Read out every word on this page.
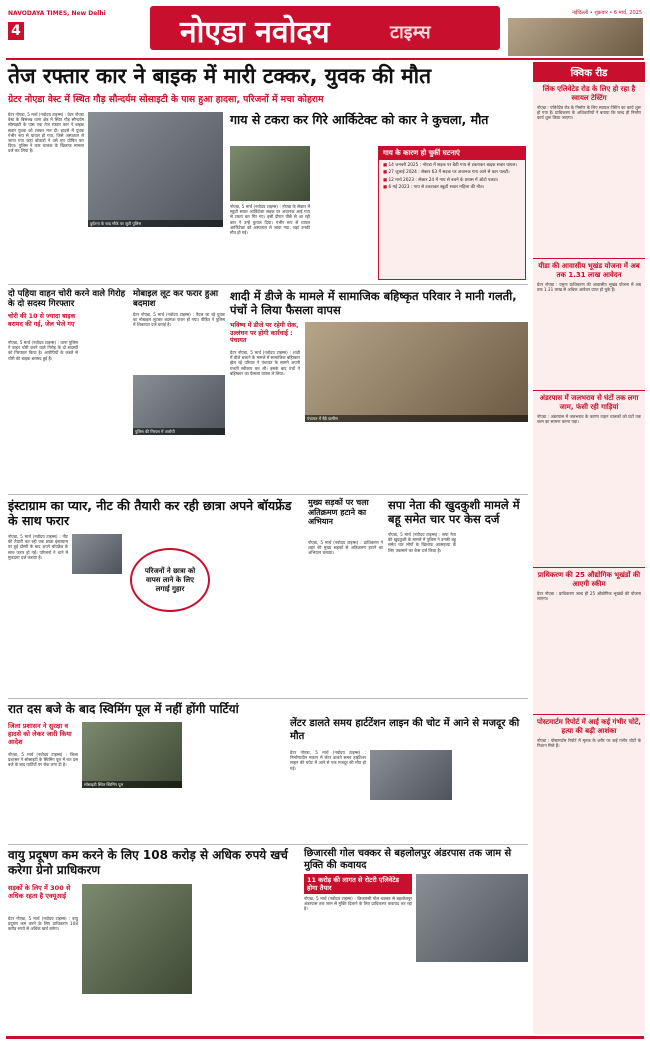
NAVODAYA TIMES, New Delhi
4	नोएडा नवोदय	टाइम्स
नईदिल्ली • शुक्रवार • 6 मार्च, 2025
तेज रफ्तार कार ने बाइक में मारी टक्कर, युवक की मौत
ग्रेटर नोएडा वेस्ट में स्थित गौड़ सौन्दर्यम सोसाइटी के पास हुआ हादसा, परिजनों में मचा कोहराम
ग्रेटर नोएडा, 5 मार्च (नवोदय टाइम्स) : ग्रेटर नोएडा वेस्ट के बिसरख थाना क्षेत्र में स्थित गौड़ सौन्दर्यम सोसाइटी के पास एक तेज रफ्तार कार ने बाइक सवार युवक को टक्कर मार दी। हादसे में युवक गंभीर रूप से घायल हो गया, जिसे अस्पताल ले जाया गया जहां डॉक्टरों ने उसे मृत घोषित कर दिया। पुलिस ने कार चालक के खिलाफ मामला दर्ज कर लिया है।
दुर्घटना के बाद मौके पर जुटी पुलिस
गाय से टकरा कर गिरे आर्किटेक्ट को कार ने कुचला, मौत
नोएडा, 5 मार्च (नवोदय टाइम्स) : नोएडा के सेक्टर में स्कूटी सवार आर्किटेक्ट सड़क पर अचानक आई गाय से टकरा कर गिर गए। इसी दौरान पीछे से आ रही कार ने उन्हें कुचल दिया। गंभीर रूप से घायल आर्किटेक्ट को अस्पताल ले जाया गया, जहां उनकी मौत हो गई।
गाय के कारण हो चुकीं घटनाएं
■ 14 जनवरी 2025 : नोएडा में सड़क पर बैठी गाय से टकराकर बाइक सवार घायल।
■ 27 जुलाई 2024 : सेक्टर 63 में सड़क पर अचानक गाय आने से कार पलटी।
■ 12 मार्च 2023 : सेक्टर 24 में गाय से बचने के प्रयास में ऑटो पलटा।
■ 6 मई 2023 : गाय से टकराकर स्कूटी सवार महिला की मौत।
क्विक रीड
लिंक एलिवेटेड रोड के लिए हो रहा है स्वायल टेस्टिंग
नोएडा : एलिवेटेड रोड के निर्माण के लिए स्वायल टेस्टिंग का कार्य शुरू हो गया है। प्राधिकरण के अधिकारियों ने बताया कि जल्द ही निर्माण कार्य शुरू किया जाएगा।
यीडा की आवासीय भूखंड योजना में अब तक 1.31 लाख आवेदन
ग्रेटर नोएडा : यमुना प्राधिकरण की आवासीय भूखंड योजना में अब तक 1.31 लाख से अधिक आवेदन प्राप्त हो चुके हैं।
अंडरपास में जलभराव से घंटों तक लगा जाम, फंसी रही गाड़ियां
नोएडा : अंडरपास में जलभराव के कारण वाहन चालकों को घंटों तक जाम का सामना करना पड़ा।
प्राधिकरण की 25 औद्योगिक भूखंडों की आएगी स्कीम
ग्रेटर नोएडा : प्राधिकरण जल्द ही 25 औद्योगिक भूखंडों की योजना लाएगा।
पोस्टमार्टम रिपोर्ट में आई कई गंभीर चोटें, हत्या की बढ़ी आशंका
नोएडा : पोस्टमार्टम रिपोर्ट में मृतक के शरीर पर कई गंभीर चोटों के निशान मिले हैं।
दो पहिया वाहन चोरी करने वाले गिरोह के दो सदस्य गिरफ्तार
चोरी की 10 से ज्यादा बाइक बरामद की गई, जेल भेजे गए
नोएडा, 5 मार्च (नवोदय टाइम्स) : थाना पुलिस ने वाहन चोरी करने वाले गिरोह के दो सदस्यों को गिरफ्तार किया है। आरोपियों के कब्जे से चोरी की बाइक बरामद हुई हैं।
मोबाइल लूट कर फरार हुआ बदमाश
ग्रेटर नोएडा, 5 मार्च (नवोदय टाइम्स) : पैदल जा रहे युवक का मोबाइल लूटकर बदमाश फरार हो गया। पीड़ित ने पुलिस में शिकायत दर्ज कराई है।
पुलिस की गिरफ्त में आरोपी
शादी में डीजे के मामले में सामाजिक बहिष्कृत परिवार ने मानी गलती, पंचों ने लिया फैसला वापस
भविष्य में डीजे पर रहेगी रोक, उल्लंघन पर होगी कार्रवाई : पंचायत
ग्रेटर नोएडा, 5 मार्च (नवोदय टाइम्स) : शादी में डीजे बजाने के मामले में सामाजिक बहिष्कार झेल रहे परिवार ने पंचायत के सामने अपनी गलती स्वीकार कर ली। इसके बाद पंचों ने बहिष्कार का फैसला वापस ले लिया।
पंचायत में बैठे ग्रामीण
इंस्टाग्राम का प्यार, नीट की तैयारी कर रही छात्रा अपने बॉयफ्रेंड के साथ फरार
नोएडा, 5 मार्च (नवोदय टाइम्स) : नीट की तैयारी कर रही एक छात्रा इंस्टाग्राम पर हुई दोस्ती के बाद अपने बॉयफ्रेंड के साथ फरार हो गई। परिजनों ने थाने में मुकदमा दर्ज कराया है।
परिजनों ने छात्रा को वापस लाने के लिए लगाई गुहार
मुख्य सड़कों पर चला अतिक्रमण हटाने का अभियान
नोएडा, 5 मार्च (नवोदय टाइम्स) : प्राधिकरण ने शहर की मुख्य सड़कों से अतिक्रमण हटाने का अभियान चलाया।
सपा नेता की खुदकुशी मामले में बहू समेत चार पर केस दर्ज
नोएडा, 5 मार्च (नवोदय टाइम्स) : सपा नेता की खुदकुशी के मामले में पुलिस ने उनकी बहू समेत चार लोगों के खिलाफ आत्महत्या के लिए उकसाने का केस दर्ज किया है।
रात दस बजे के बाद स्विमिंग पूल में नहीं होंगी पार्टियां
जिला प्रशासन ने सुरक्षा व हादसे को लेकर जारी किया आदेश
नोएडा, 5 मार्च (नवोदय टाइम्स) : जिला प्रशासन ने सोसाइटी के स्विमिंग पूल में रात दस बजे के बाद पार्टियों पर रोक लगा दी है।
सोसाइटी स्थित स्विमिंग पूल
लेंटर डालते समय हार्टटेंशन लाइन की चोट में आने से मजदूर की मौत
ग्रेटर नोएडा, 5 मार्च (नवोदय टाइम्स) : निर्माणाधीन मकान में लेंटर डालते समय हाईटेंशन लाइन की चपेट में आने से एक मजदूर की मौत हो गई।
वायु प्रदूषण कम करने के लिए 108 करोड़ से अधिक रुपये खर्च करेगा ग्रेनो प्राधिकरण
सड़कों के लिए में 300 से अधिक रहता है एक्यूआई
ग्रेटर नोएडा, 5 मार्च (नवोदय टाइम्स) : वायु प्रदूषण कम करने के लिए प्राधिकरण 108 करोड़ रुपये से अधिक खर्च करेगा।
छिजारसी गोल चक्कर से बहलोलपुर अंडरपास तक जाम से मुक्ति की कवायद
11 करोड़ की लागत से रोटरी एलिवेटेड होगा तैयार
नोएडा, 5 मार्च (नवोदय टाइम्स) : छिजारसी गोल चक्कर से बहलोलपुर अंडरपास तक जाम से मुक्ति दिलाने के लिए प्राधिकरण कवायद कर रहा है।
